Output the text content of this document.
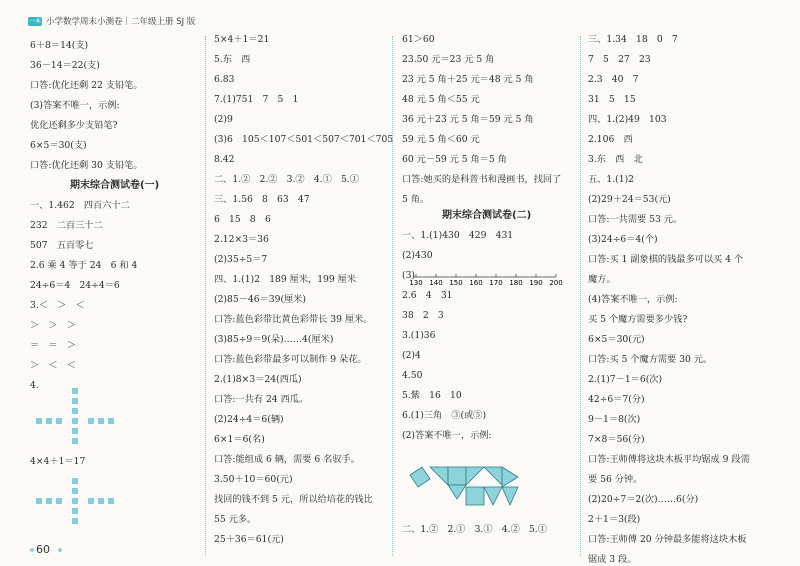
一本 小学数学周末小测卷｜二年级上册 SJ 版
6＋8＝14(支)
36－14＝22(支)
口答:优化还剩 22 支铅笔。
(3)答案不唯一，示例:
优化还剩多少支铅笔?
6×5＝30(支)
口答:优化还剩 30 支铅笔。
期末综合测试卷(一)
一、1.462　四百六十二
232　二百三十二
507　五百零七
2.6 乘 4 等于 24　6 和 4
24÷6＝4　24÷4＝6
3.＜　＞　＜
＞　＞　＞
＝　＝　＞
＞　＜　＜
4.
4×4＋1＝17
5×4＋1＝21
5.东　西
6.83
7.(1)751　7　5　1
(2)9
(3)6　105＜107＜501＜507＜701＜705
8.42
二、1.②　2.②　3.②　4.①　5.①
三、1.56　8　63　47
6　15　8　6
2.12×3＝36
(2)35÷5＝7
四、1.(1)2　189 厘米，199 厘米
(2)85－46＝39(厘米)
口答:蓝色彩带比黄色彩带长 39 厘米。
(3)85÷9＝9(朵)……4(厘米)
口答:蓝色彩带最多可以制作 9 朵花。
2.(1)8×3＝24(西瓜)
口答:一共有 24 西瓜。
(2)24÷4＝6(辆)
6×1＝6(名)
口答:能组成 6 辆，需要 6 名驭手。
3.50＋10＝60(元)
找回的钱不到 5 元，所以给培花的钱比
55 元多。
25＋36＝61(元)
61＞60
23.50 元＝23 元 5 角
23 元 5 角＋25 元＝48 元 5 角
48 元 5 角＜55 元
36 元＋23 元 5 角＝59 元 5 角
59 元 5 角＜60 元
60 元－59 元 5 角＝5 角
口答:她买的是科普书和漫画书，找回了
5 角。
期末综合测试卷(二)
一、1.(1)430　429　431
(2)430
(3)
2.6　4　31
38　2　3
3.(1)36
(2)4
4.50
5.紫　16　10
6.(1)三角　③(或⑤)
(2)答案不唯一，示例:
二、1.②　2.①　3.①　4.②　5.①
三、1.34　18　0　7
7　5　27　23
2.3　40　7
31　5　15
四、1.(2)49　103
2.106　西
3.东　西　北
五、1.(1)2
(2)29＋24＝53(元)
口答:一共需要 53 元。
(3)24÷6＝4(个)
口答:买 1 副象棋的钱最多可以买 4 个
魔方。
(4)答案不唯一，示例:
买 5 个魔方需要多少钱?
6×5＝30(元)
口答:买 5 个魔方需要 30 元。
2.(1)7－1＝6(次)
42÷6＝7(分)
9－1＝8(次)
7×8＝56(分)
口答:王师傅将这块木板平均锯成 9 段需
要 56 分钟。
(2)20÷7＝2(次)……6(分)
2＋1＝3(段)
口答:王师傅 20 分钟最多能将这块木板
锯成 3 段。
130 140 150 160 170 180 190 200
60
